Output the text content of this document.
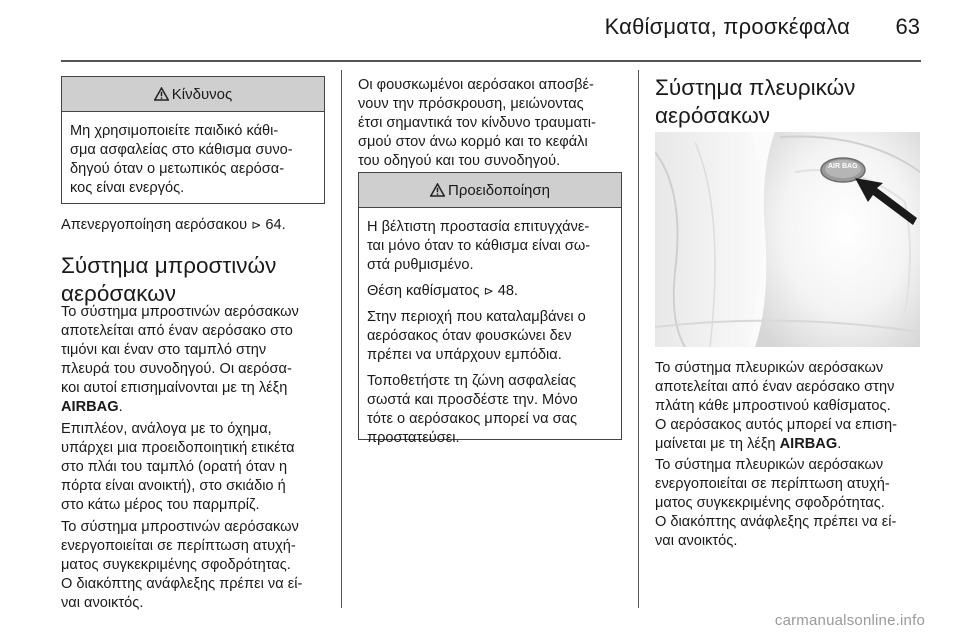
Καθίσματα, προσκέφαλα	63
Κίνδυνος

Μη χρησιμοποιείτε παιδικό κάθι-
σμα ασφαλείας στο κάθισμα συνο-
δηγού όταν ο μετωπικός αερόσα-
κος είναι ενεργός.

Απενεργοποίηση αερόσακου ⊳ 64.

Σύστημα μπροστινών
αερόσακων

Το σύστημα μπροστινών αερόσακων
αποτελείται από έναν αερόσακο στο
τιμόνι και έναν στο ταμπλό στην
πλευρά του συνοδηγού. Οι αερόσα-
κοι αυτοί επισημαίνονται με τη λέξη
AIRBAG.

Επιπλέον, ανάλογα με το όχημα,
υπάρχει μια προειδοποιητική ετικέτα
στο πλάι του ταμπλό (ορατή όταν η
πόρτα είναι ανοικτή), στο σκιάδιο ή
στο κάτω μέρος του παρμπρίζ.

Το σύστημα μπροστινών αερόσακων
ενεργοποιείται σε περίπτωση ατυχή-
ματος συγκεκριμένης σφοδρότητας.
Ο διακόπτης ανάφλεξης πρέπει να εί-
ναι ανοικτός.

Οι φουσκωμένοι αερόσακοι αποσβέ-
νουν την πρόσκρουση, μειώνοντας
έτσι σημαντικά τον κίνδυνο τραυματι-
σμού στον άνω κορμό και το κεφάλι
του οδηγού και του συνοδηγού.

Προειδοποίηση

Η βέλτιστη προστασία επιτυγχάνε-
ται μόνο όταν το κάθισμα είναι σω-
στά ρυθμισμένο.

Θέση καθίσματος ⊳ 48.

Στην περιοχή που καταλαμβάνει ο
αερόσακος όταν φουσκώνει δεν
πρέπει να υπάρχουν εμπόδια.

Τοποθετήστε τη ζώνη ασφαλείας
σωστά και προσδέστε την. Μόνο
τότε ο αερόσακος μπορεί να σας
προστατεύσει.

Σύστημα πλευρικών
αερόσακων
AIR BAG

Το σύστημα πλευρικών αερόσακων
αποτελείται από έναν αερόσακο στην
πλάτη κάθε μπροστινού καθίσματος.
Ο αερόσακος αυτός μπορεί να επιση-
μαίνεται με τη λέξη AIRBAG.

Το σύστημα πλευρικών αερόσακων
ενεργοποιείται σε περίπτωση ατυχή-
ματος συγκεκριμένης σφοδρότητας.
Ο διακόπτης ανάφλεξης πρέπει να εί-
ναι ανοικτός.

carmanualsonline.info
